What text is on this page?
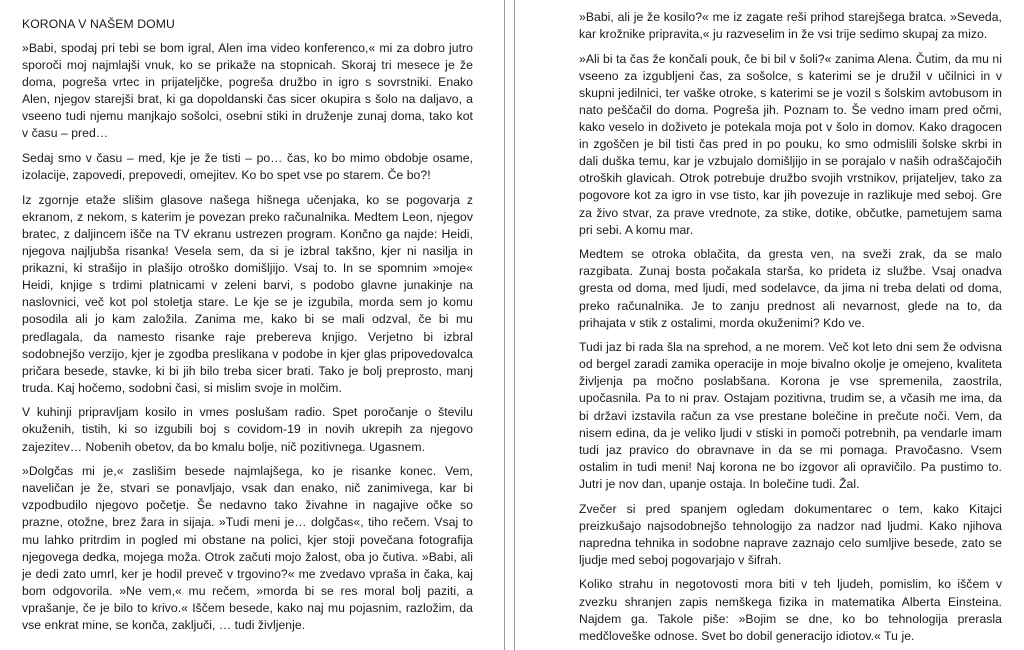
KORONA V NAŠEM DOMU

»Babi, spodaj pri tebi se bom igral, Alen ima video konferenco,« mi za dobro jutro sporoči moj najmlajši vnuk, ko se prikaže na stopnicah. Skoraj tri mesece je že doma, pogreša vrtec in prijateljčke, pogreša družbo in igro s sovrstniki. Enako Alen, njegov starejši brat, ki ga dopoldanski čas sicer okupira s šolo na daljavo, a vseeno tudi njemu manjkajo sošolci, osebni stiki in druženje zunaj doma, tako kot v času – pred…

Sedaj smo v času – med, kje je že tisti – po… čas, ko bo mimo obdobje osame, izolacije, zapovedi, prepovedi, omejitev. Ko bo spet vse po starem. Če bo?!

Iz zgornje etaže slišim glasove našega hišnega učenjaka, ko se pogovarja z ekranom, z nekom, s katerim je povezan preko računalnika. Medtem Leon, njegov bratec, z daljincem išče na TV ekranu ustrezen program. Končno ga najde: Heidi, njegova najljubša risanka! Vesela sem, da si je izbral takšno, kjer ni nasilja in prikazni, ki strašijo in plašijo otroško domišljijo. Vsaj to. In se spomnim »moje« Heidi, knjige s trdimi platnicami v zeleni barvi, s podobo glavne junakinje na naslovnici, več kot pol stoletja stare. Le kje se je izgubila, morda sem jo komu posodila ali jo kam založila. Zanima me, kako bi se mali odzval, če bi mu predlagala, da namesto risanke raje prebereva knjigo. Verjetno bi izbral sodobnejšo verzijo, kjer je zgodba preslikana v podobe in kjer glas pripovedovalca pričara besede, stavke, ki bi jih bilo treba sicer brati. Tako je bolj preprosto, manj truda. Kaj hočemo, sodobni časi, si mislim svoje in molčim.

V kuhinji pripravljam kosilo in vmes poslušam radio. Spet poročanje o številu okuženih, tistih, ki so izgubili boj s covidom-19 in novih ukrepih za njegovo zajezitev… Nobenih obetov, da bo kmalu bolje, nič pozitivnega. Ugasnem.

»Dolgčas mi je,« zaslišim besede najmlajšega, ko je risanke konec. Vem, naveličan je že, stvari se ponavljajo, vsak dan enako, nič zanimivega, kar bi vzpodbudilo njegovo početje. Še nedavno tako živahne in nagajive očke so prazne, otožne, brez žara in sijaja. »Tudi meni je… dolgčas«, tiho rečem. Vsaj to mu lahko pritrdim in pogled mi obstane na polici, kjer stoji povečana fotografija njegovega dedka, mojega moža. Otrok začuti mojo žalost, oba jo čutiva. »Babi, ali je dedi zato umrl, ker je hodil preveč v trgovino?« me zvedavo vpraša in čaka, kaj bom odgovorila. »Ne vem,« mu rečem, »morda bi se res moral bolj paziti, a vprašanje, če je bilo to krivo.« Iščem besede, kako naj mu pojasnim, razložim, da vse enkrat mine, se konča, zaključi, … tudi življenje.

»Babi, ali je že kosilo?« me iz zagate reši prihod starejšega bratca. »Seveda, kar krožnike pripravita,« ju razveselim in že vsi trije sedimo skupaj za mizo.

»Ali bi ta čas že končali pouk, če bi bil v šoli?« zanima Alena. Čutim, da mu ni vseeno za izgubljeni čas, za sošolce, s katerimi se je družil v učilnici in v skupni jedilnici, ter vaške otroke, s katerimi se je vozil s šolskim avtobusom in nato peščačil do doma. Pogreša jih. Poznam to. Še vedno imam pred očmi, kako veselo in doživeto je potekala moja pot v šolo in domov. Kako dragocen in zgoščen je bil tisti čas pred in po pouku, ko smo odmislili šolske skrbi in dali duška temu, kar je vzbujalo domišljijo in se porajalo v naših odraščajočih otroških glavicah. Otrok potrebuje družbo svojih vrstnikov, prijateljev, tako za pogovore kot za igro in vse tisto, kar jih povezuje in razlikuje med seboj. Gre za živo stvar, za prave vrednote, za stike, dotike, občutke, pametujem sama pri sebi. A komu mar.

Medtem se otroka oblačita, da gresta ven, na sveži zrak, da se malo razgibata. Zunaj bosta počakala starša, ko prideta iz službe. Vsaj onadva gresta od doma, med ljudi, med sodelavce, da jima ni treba delati od doma, preko računalnika. Je to zanju prednost ali nevarnost, glede na to, da prihajata v stik z ostalimi, morda okuženimi? Kdo ve.

Tudi jaz bi rada šla na sprehod, a ne morem. Več kot leto dni sem že odvisna od bergel zaradi zamika operacije in moje bivalno okolje je omejeno, kvaliteta življenja pa močno poslabšana. Korona je vse spremenila, zaostrila, upočasnila. Pa to ni prav. Ostajam pozitivna, trudim se, a včasih me ima, da bi državi izstavila račun za vse prestane bolečine in prečute noči. Vem, da nisem edina, da je veliko ljudi v stiski in pomoči potrebnih, pa vendarle imam tudi jaz pravico do obravnave in da se mi pomaga. Pravočasno. Vsem ostalim in tudi meni! Naj korona ne bo izgovor ali opravičilo. Pa pustimo to. Jutri je nov dan, upanje ostaja. In bolečine tudi. Žal.

Zvečer si pred spanjem ogledam dokumentarec o tem, kako Kitajci preizkušajo najsodobnejšo tehnologijo za nadzor nad ljudmi. Kako njihova napredna tehnika in sodobne naprave zaznajo celo sumljive besede, zato se ljudje med seboj pogovarjajo v šifrah.

Koliko strahu in negotovosti mora biti v teh ljudeh, pomislim, ko iščem v zvezku shranjen zapis nemškega fizika in matematika Alberta Einsteina. Najdem ga. Takole piše: »Bojim se dne, ko bo tehnologija prerasla medčloveške odnose. Svet bo dobil generacijo idiotov.« Tu je.
